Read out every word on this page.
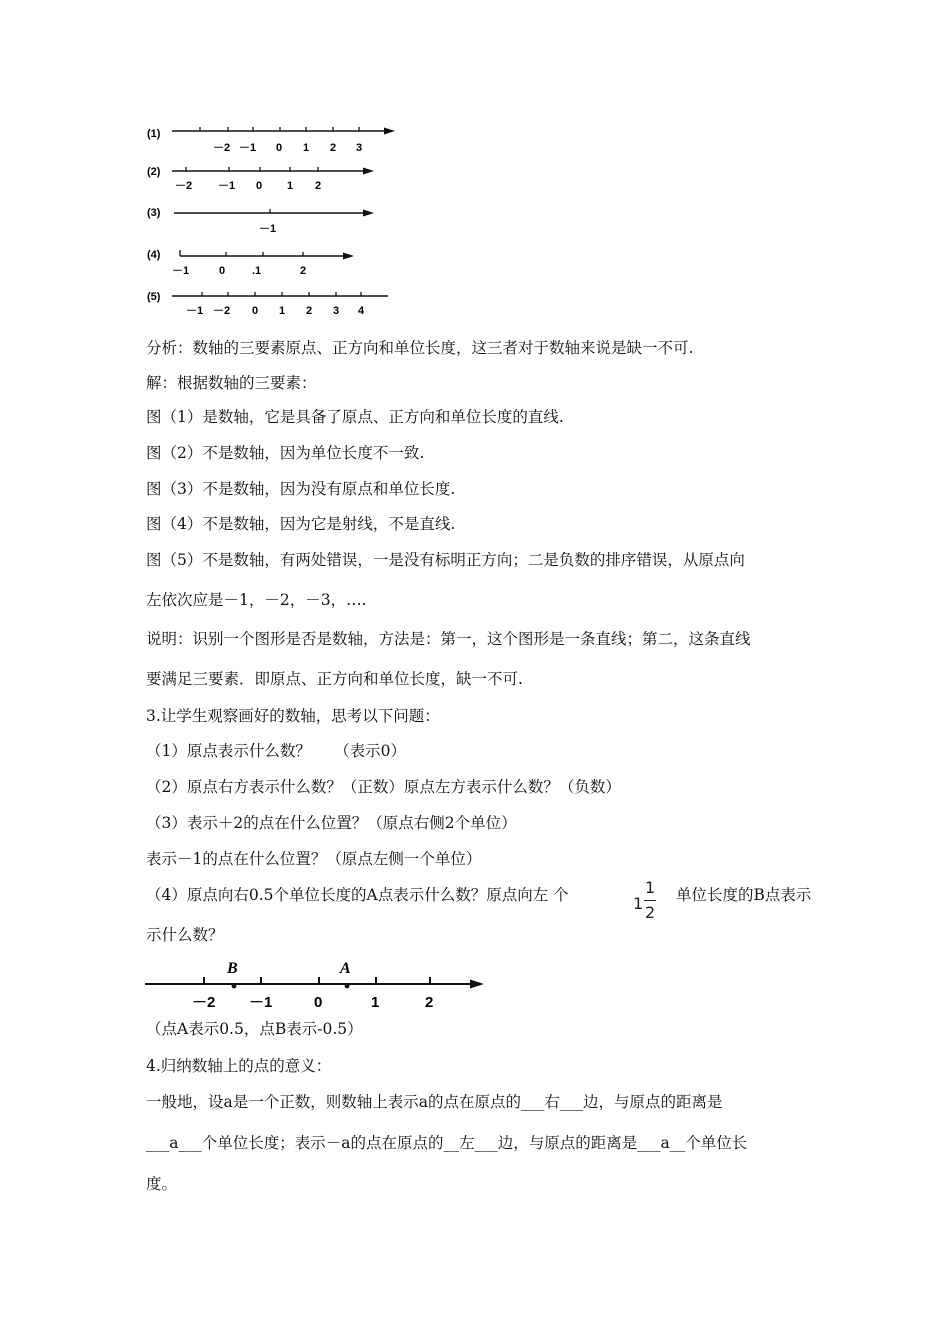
(1)
－2 －1 0 1 2 3
(2)
－2 －1 0 1 2
(3)
－1
(4)
－1	0 .1	2
(5)
－1 －2 0 1 2 3 4
分析：数轴的三要素原点、正方向和单位长度，这三者对于数轴来说是缺一不可.
解：根据数轴的三要素：
图（1）是数轴，它是具备了原点、正方向和单位长度的直线.
图（2）不是数轴，因为单位长度不一致.
图（3）不是数轴，因为没有原点和单位长度.
图（4）不是数轴，因为它是射线，不是直线.
图（5）不是数轴，有两处错误，一是没有标明正方向；二是负数的排序错误，从原点向
左依次应是－1，－2，－3，….
说明：识别一个图形是否是数轴，方法是：第一，这个图形是一条直线；第二，这条直线
要满足三要素．即原点、正方向和单位长度，缺一不可.
3.让学生观察画好的数轴，思考以下问题：
（1）原点表示什么数？　　（表示0）
（2）原点右方表示什么数？（正数）原点左方表示什么数？（负数）
（3）表示＋2的点在什么位置？（原点右侧2个单位）
表示－1的点在什么位置？（原点左侧一个单位）
（4）原点向右0.5个单位长度的A点表示什么数？原点向左 个	1
1
2
单位长度的B点表示
示什么数？
B	A
－2 －1	0	1	2
（点A表示0.5，点B表示-0.5）
4.归纳数轴上的点的意义：
一般地，设a是一个正数，则数轴上表示a的点在原点的___右___边，与原点的距离是
___a___个单位长度；表示－a的点在原点的__左___边，与原点的距离是___a__个单位长
度。
